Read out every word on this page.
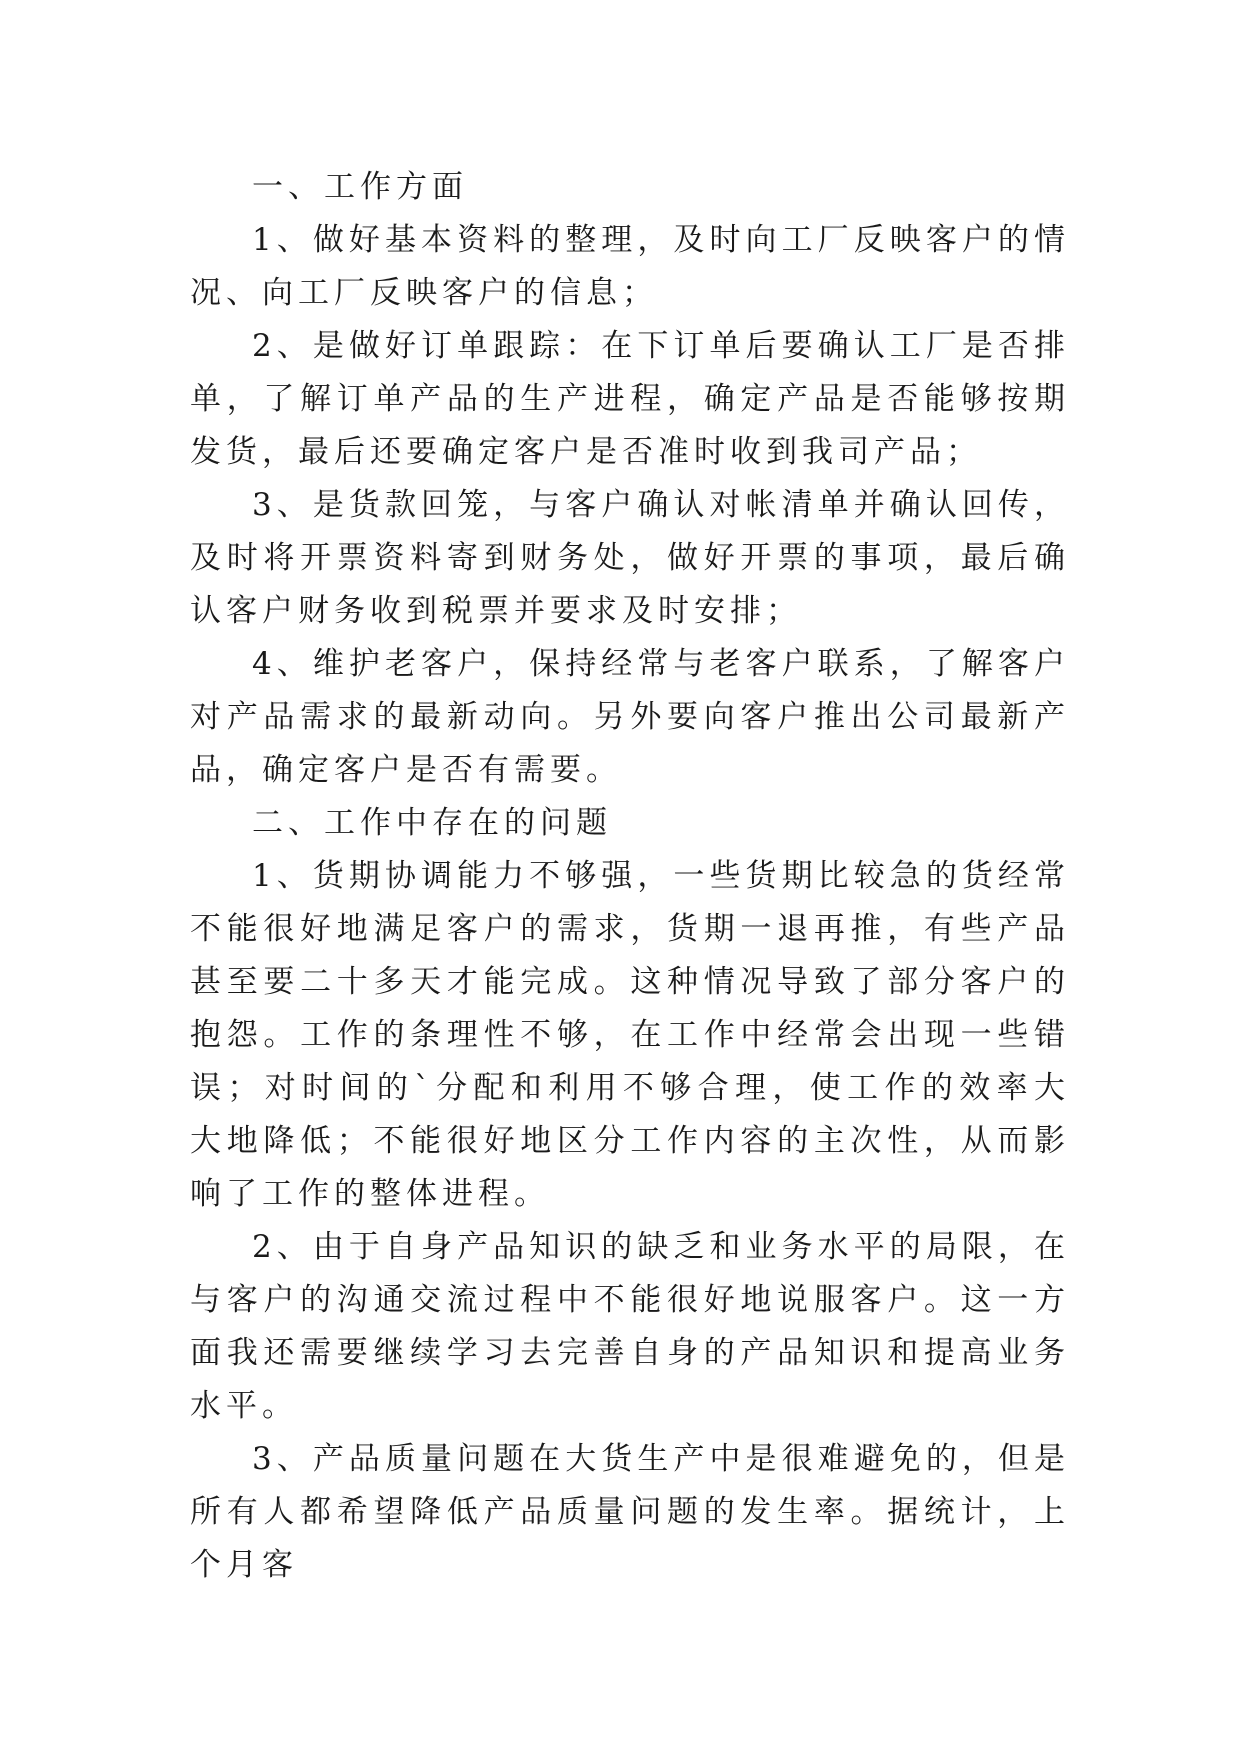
一、工作方面

1、做好基本资料的整理，及时向工厂反映客户的情况、向工厂反映客户的信息；

2、是做好订单跟踪：在下订单后要确认工厂是否排单，了解订单产品的生产进程，确定产品是否能够按期发货，最后还要确定客户是否准时收到我司产品；

3、是货款回笼，与客户确认对帐清单并确认回传，及时将开票资料寄到财务处，做好开票的事项，最后确认客户财务收到税票并要求及时安排；

4、维护老客户，保持经常与老客户联系，了解客户对产品需求的最新动向。另外要向客户推出公司最新产品，确定客户是否有需要。

二、工作中存在的问题

1、货期协调能力不够强，一些货期比较急的货经常不能很好地满足客户的需求，货期一退再推，有些产品甚至要二十多天才能完成。这种情况导致了部分客户的抱怨。工作的条理性不够，在工作中经常会出现一些错误；对时间的`分配和利用不够合理，使工作的效率大大地降低；不能很好地区分工作内容的主次性，从而影响了工作的整体进程。

2、由于自身产品知识的缺乏和业务水平的局限，在与客户的沟通交流过程中不能很好地说服客户。这一方面我还需要继续学习去完善自身的产品知识和提高业务水平。

3、产品质量问题在大货生产中是很难避免的，但是所有人都希望降低产品质量问题的发生率。据统计，上个月客
